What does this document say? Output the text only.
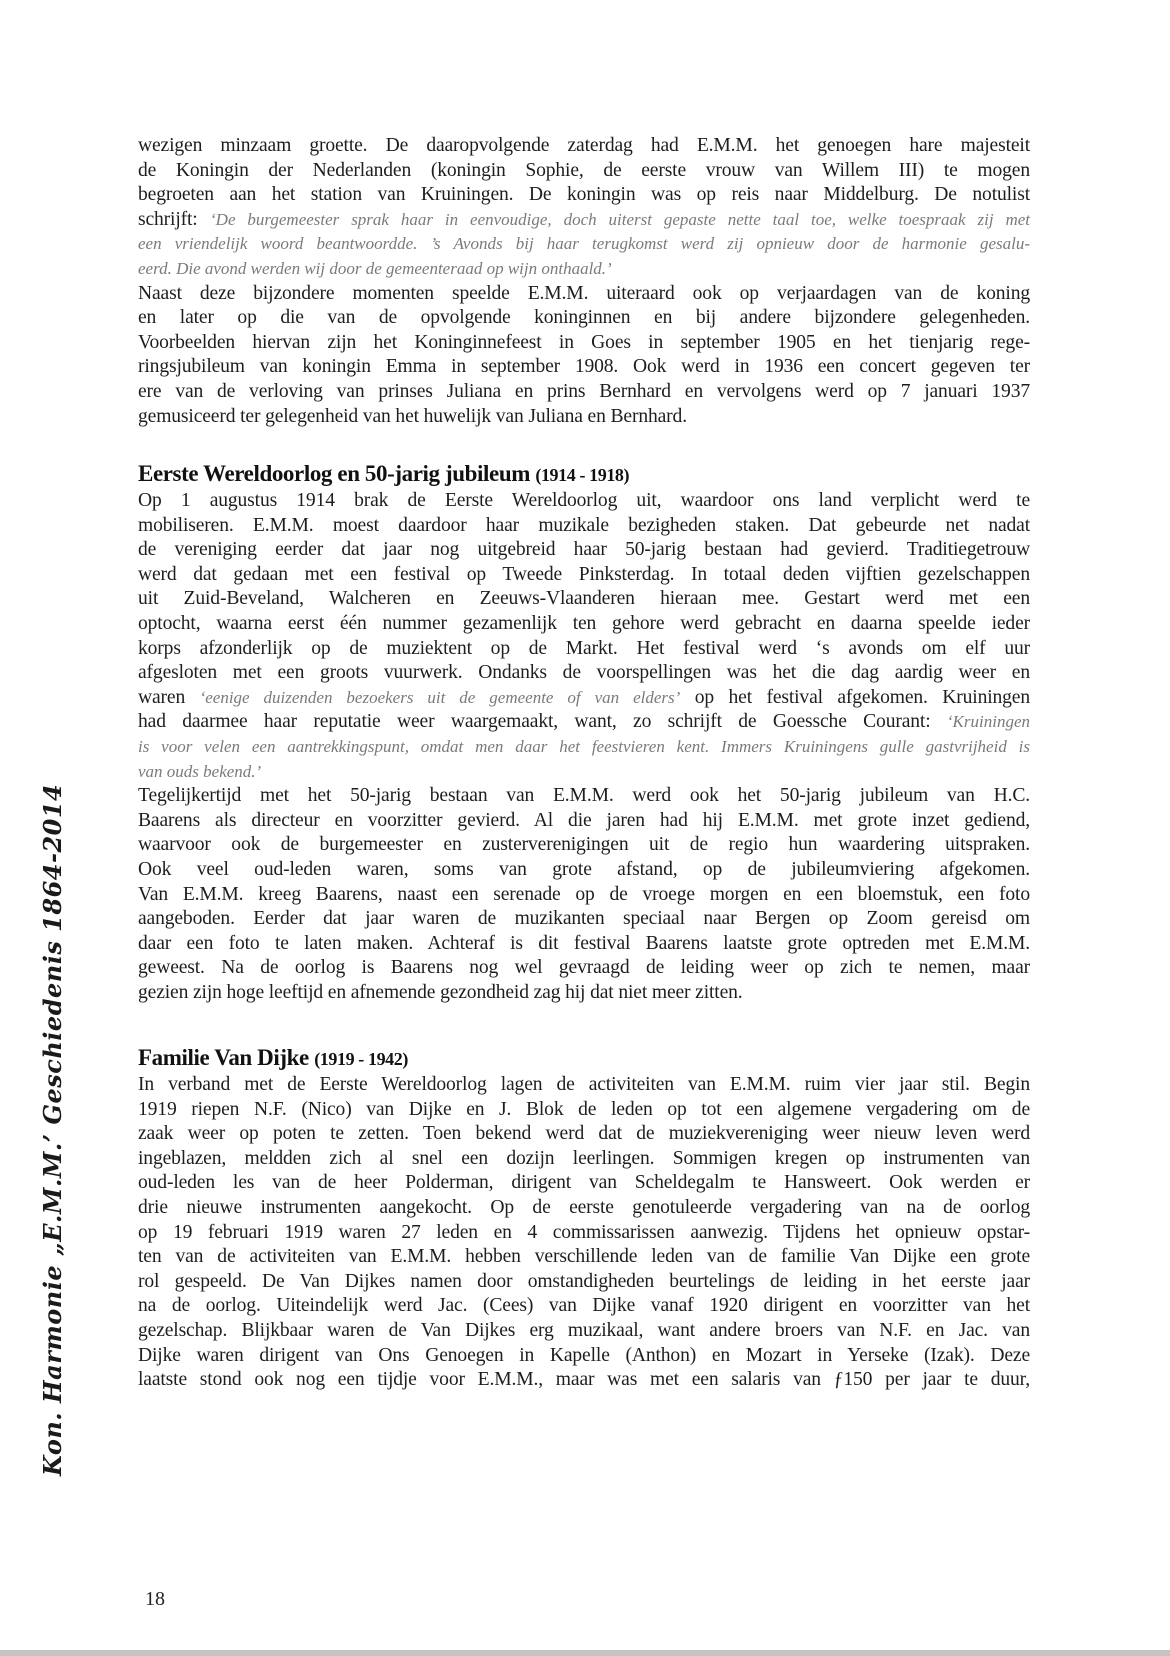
wezigen minzaam groette. De daaropvolgende zaterdag had E.M.M. het genoegen hare majesteit
de Koningin der Nederlanden (koningin Sophie, de eerste vrouw van Willem III) te mogen
begroeten aan het station van Kruiningen. De koningin was op reis naar Middelburg. De notulist
schrijft: ‘De burgemeester sprak haar in eenvoudige, doch uiterst gepaste nette taal toe, welke toespraak zij met
een vriendelijk woord beantwoordde. ’s Avonds bij haar terugkomst werd zij opnieuw door de harmonie gesalu-
eerd. Die avond werden wij door de gemeenteraad op wijn onthaald.’
Naast deze bijzondere momenten speelde E.M.M. uiteraard ook op verjaardagen van de koning
en later op die van de opvolgende koninginnen en bij andere bijzondere gelegenheden.
Voorbeelden hiervan zijn het Koninginnefeest in Goes in september 1905 en het tienjarig rege-
ringsjubileum van koningin Emma in september 1908. Ook werd in 1936 een concert gegeven ter
ere van de verloving van prinses Juliana en prins Bernhard en vervolgens werd op 7 januari 1937
gemusiceerd ter gelegenheid van het huwelijk van Juliana en Bernhard.
Eerste Wereldoorlog en 50-jarig jubileum (1914 - 1918)
Op 1 augustus 1914 brak de Eerste Wereldoorlog uit, waardoor ons land verplicht werd te
mobiliseren. E.M.M. moest daardoor haar muzikale bezigheden staken. Dat gebeurde net nadat
de vereniging eerder dat jaar nog uitgebreid haar 50-jarig bestaan had gevierd. Traditiegetrouw
werd dat gedaan met een festival op Tweede Pinksterdag. In totaal deden vijftien gezelschappen
uit Zuid-Beveland, Walcheren en Zeeuws-Vlaanderen hieraan mee. Gestart werd met een
optocht, waarna eerst één nummer gezamenlijk ten gehore werd gebracht en daarna speelde ieder
korps afzonderlijk op de muziektent op de Markt. Het festival werd ‘s avonds om elf uur
afgesloten met een groots vuurwerk. Ondanks de voorspellingen was het die dag aardig weer en
waren ‘eenige duizenden bezoekers uit de gemeente of van elders’ op het festival afgekomen. Kruiningen
had daarmee haar reputatie weer waargemaakt, want, zo schrijft de Goessche Courant: ‘Kruiningen
is voor velen een aantrekkingspunt, omdat men daar het feestvieren kent. Immers Kruiningens gulle gastvrijheid is
van ouds bekend.’
Tegelijkertijd met het 50-jarig bestaan van E.M.M. werd ook het 50-jarig jubileum van H.C.
Baarens als directeur en voorzitter gevierd. Al die jaren had hij E.M.M. met grote inzet gediend,
waarvoor ook de burgemeester en zusterverenigingen uit de regio hun waardering uitspraken.
Ook veel oud-leden waren, soms van grote afstand, op de jubileumviering afgekomen.
Van E.M.M. kreeg Baarens, naast een serenade op de vroege morgen en een bloemstuk, een foto
aangeboden. Eerder dat jaar waren de muzikanten speciaal naar Bergen op Zoom gereisd om
daar een foto te laten maken. Achteraf is dit festival Baarens laatste grote optreden met E.M.M.
geweest. Na de oorlog is Baarens nog wel gevraagd de leiding weer op zich te nemen, maar
gezien zijn hoge leeftijd en afnemende gezondheid zag hij dat niet meer zitten.
Familie Van Dijke (1919 - 1942)
In verband met de Eerste Wereldoorlog lagen de activiteiten van E.M.M. ruim vier jaar stil. Begin
1919 riepen N.F. (Nico) van Dijke en J. Blok de leden op tot een algemene vergadering om de
zaak weer op poten te zetten. Toen bekend werd dat de muziekvereniging weer nieuw leven werd
ingeblazen, meldden zich al snel een dozijn leerlingen. Sommigen kregen op instrumenten van
oud-leden les van de heer Polderman, dirigent van Scheldegalm te Hansweert. Ook werden er
drie nieuwe instrumenten aangekocht. Op de eerste genotuleerde vergadering van na de oorlog
op 19 februari 1919 waren 27 leden en 4 commissarissen aanwezig. Tijdens het opnieuw opstar-
ten van de activiteiten van E.M.M. hebben verschillende leden van de familie Van Dijke een grote
rol gespeeld. De Van Dijkes namen door omstandigheden beurtelings de leiding in het eerste jaar
na de oorlog. Uiteindelijk werd Jac. (Cees) van Dijke vanaf 1920 dirigent en voorzitter van het
gezelschap. Blijkbaar waren de Van Dijkes erg muzikaal, want andere broers van N.F. en Jac. van
Dijke waren dirigent van Ons Genoegen in Kapelle (Anthon) en Mozart in Yerseke (Izak). Deze
laatste stond ook nog een tijdje voor E.M.M., maar was met een salaris van ƒ150 per jaar te duur,
Kon. Harmonie „E.M.M.’ Geschiedenis 1864-2014
18
